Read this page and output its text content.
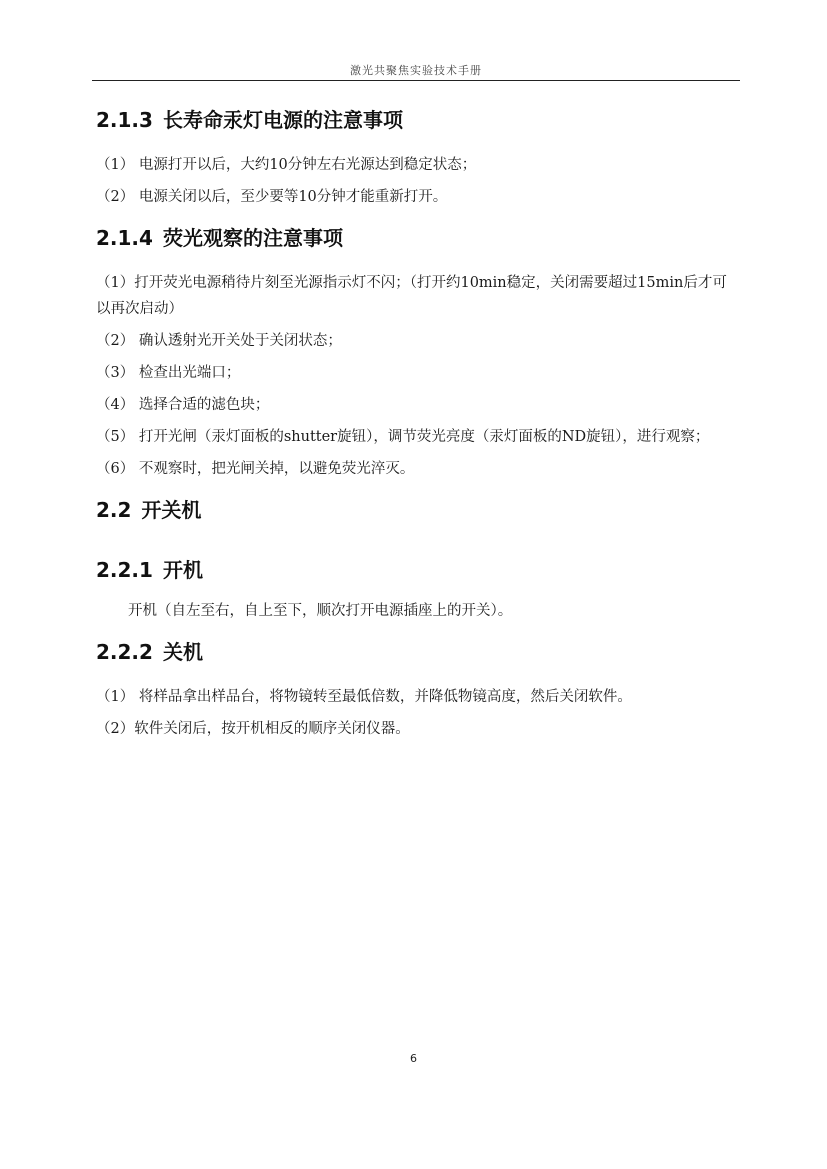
激光共聚焦实验技术手册
2.1.3 长寿命汞灯电源的注意事项

（1） 电源打开以后，大约10分钟左右光源达到稳定状态；

（2） 电源关闭以后，至少要等10分钟才能重新打开。

2.1.4 荧光观察的注意事项

（1）打开荧光电源稍待片刻至光源指示灯不闪；（打开约10min稳定，关闭需要超过15min后才可以再次启动）

（2） 确认透射光开关处于关闭状态；

（3） 检查出光端口；

（4） 选择合适的滤色块；

（5） 打开光闸（汞灯面板的shutter旋钮），调节荧光亮度（汞灯面板的ND旋钮），进行观察；

（6） 不观察时，把光闸关掉，以避免荧光淬灭。

2.2 开关机
2.2.1 开机

开机（自左至右，自上至下，顺次打开电源插座上的开关）。

2.2.2 关机

（1） 将样品拿出样品台，将物镜转至最低倍数，并降低物镜高度，然后关闭软件。

（2）软件关闭后，按开机相反的顺序关闭仪器。

6
